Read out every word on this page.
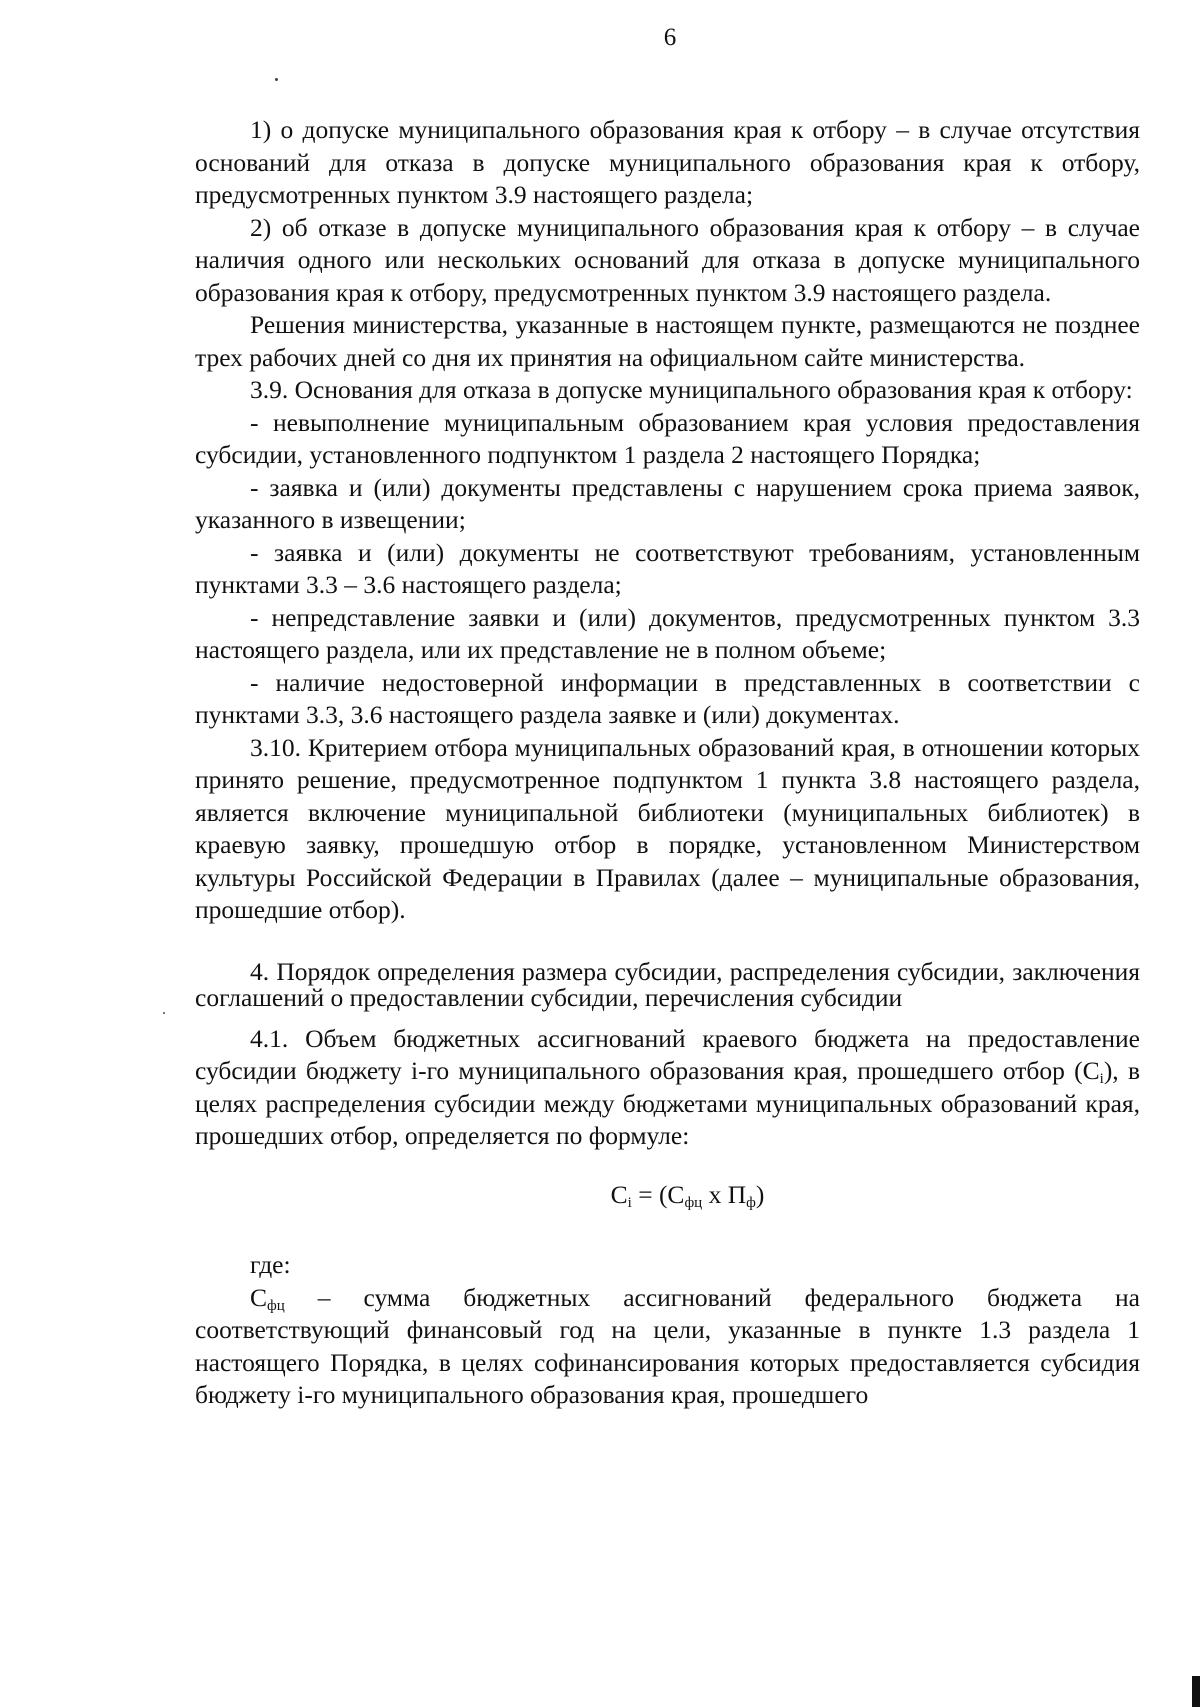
6

1) о допуске муниципального образования края к отбору – в случае отсутствия оснований для отказа в допуске муниципального образования края к отбору, предусмотренных пунктом 3.9 настоящего раздела;

2) об отказе в допуске муниципального образования края к отбору – в случае наличия одного или нескольких оснований для отказа в допуске муниципального образования края к отбору, предусмотренных пунктом 3.9 настоящего раздела.

Решения министерства, указанные в настоящем пункте, размещаются не позднее трех рабочих дней со дня их принятия на официальном сайте министерства.

3.9. Основания для отказа в допуске муниципального образования края к отбору:

- невыполнение муниципальным образованием края условия предоставления субсидии, установленного подпунктом 1 раздела 2 настоящего Порядка;

- заявка и (или) документы представлены с нарушением срока приема заявок, указанного в извещении;

- заявка и (или) документы не соответствуют требованиям, установленным пунктами 3.3 – 3.6 настоящего раздела;

- непредставление заявки и (или) документов, предусмотренных пунктом 3.3 настоящего раздела, или их представление не в полном объеме;

- наличие недостоверной информации в представленных в соответствии с пунктами 3.3, 3.6 настоящего раздела заявке и (или) документах.

3.10. Критерием отбора муниципальных образований края, в отношении которых принято решение, предусмотренное подпунктом 1 пункта 3.8 настоящего раздела, является включение муниципальной библиотеки (муниципальных библиотек) в краевую заявку, прошедшую отбор в порядке, установленном Министерством культуры Российской Федерации в Правилах (далее – муниципальные образования, прошедшие отбор).

4. Порядок определения размера субсидии, распределения субсидии, заключения соглашений о предоставлении субсидии, перечисления субсидии

4.1. Объем бюджетных ассигнований краевого бюджета на предоставление субсидии бюджету i-го муниципального образования края, прошедшего отбор $(C_i)$, в целях распределения субсидии между бюджетами муниципальных образований края, прошедших отбор, определяется по формуле:

$C_i = (C_{фц}$ x $П_ф$)

где:

$C_{фц}$ – сумма бюджетных ассигнований федерального бюджета на соответствующий финансовый год на цели, указанные в пункте 1.3 раздела 1 настоящего Порядка, в целях софинансирования которых предоставляется субсидия бюджету i-го муниципального образования края, прошедшего
